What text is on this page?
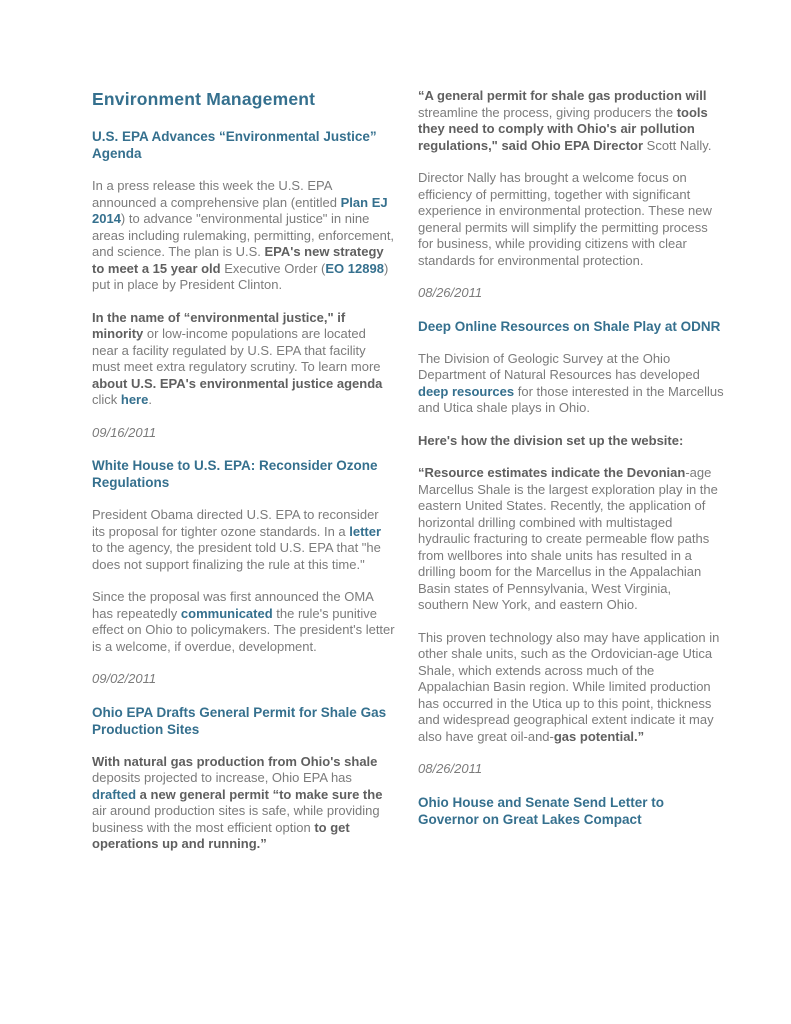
Environment Management
U.S. EPA Advances “Environmental Justice” Agenda
In a press release this week the U.S. EPA announced a comprehensive plan (entitled Plan EJ 2014) to advance "environmental justice" in nine areas including rulemaking, permitting, enforcement, and science. The plan is U.S. EPA's new strategy to meet a 15 year old Executive Order (EO 12898) put in place by President Clinton.
In the name of “environmental justice," if minority or low-income populations are located near a facility regulated by U.S. EPA that facility must meet extra regulatory scrutiny. To learn more about U.S. EPA's environmental justice agenda click here.
09/16/2011
White House to U.S. EPA: Reconsider Ozone Regulations
President Obama directed U.S. EPA to reconsider its proposal for tighter ozone standards. In a letter to the agency, the president told U.S. EPA that "he does not support finalizing the rule at this time."
Since the proposal was first announced the OMA has repeatedly communicated the rule's punitive effect on Ohio to policymakers. The president's letter is a welcome, if overdue, development.
09/02/2011
Ohio EPA Drafts General Permit for Shale Gas Production Sites
With natural gas production from Ohio's shale deposits projected to increase, Ohio EPA has drafted a new general permit “to make sure the air around production sites is safe, while providing business with the most efficient option to get operations up and running.”
“A general permit for shale gas production will streamline the process, giving producers the tools they need to comply with Ohio's air pollution regulations," said Ohio EPA Director Scott Nally.
Director Nally has brought a welcome focus on efficiency of permitting, together with significant experience in environmental protection. These new general permits will simplify the permitting process for business, while providing citizens with clear standards for environmental protection.
08/26/2011
Deep Online Resources on Shale Play at ODNR
The Division of Geologic Survey at the Ohio Department of Natural Resources has developed deep resources for those interested in the Marcellus and Utica shale plays in Ohio.
Here's how the division set up the website:
“Resource estimates indicate the Devonian-age Marcellus Shale is the largest exploration play in the eastern United States. Recently, the application of horizontal drilling combined with multistaged hydraulic fracturing to create permeable flow paths from wellbores into shale units has resulted in a drilling boom for the Marcellus in the Appalachian Basin states of Pennsylvania, West Virginia, southern New York, and eastern Ohio.
This proven technology also may have application in other shale units, such as the Ordovician-age Utica Shale, which extends across much of the Appalachian Basin region. While limited production has occurred in the Utica up to this point, thickness and widespread geographical extent indicate it may also have great oil-and-gas potential.”
08/26/2011
Ohio House and Senate Send Letter to Governor on Great Lakes Compact
